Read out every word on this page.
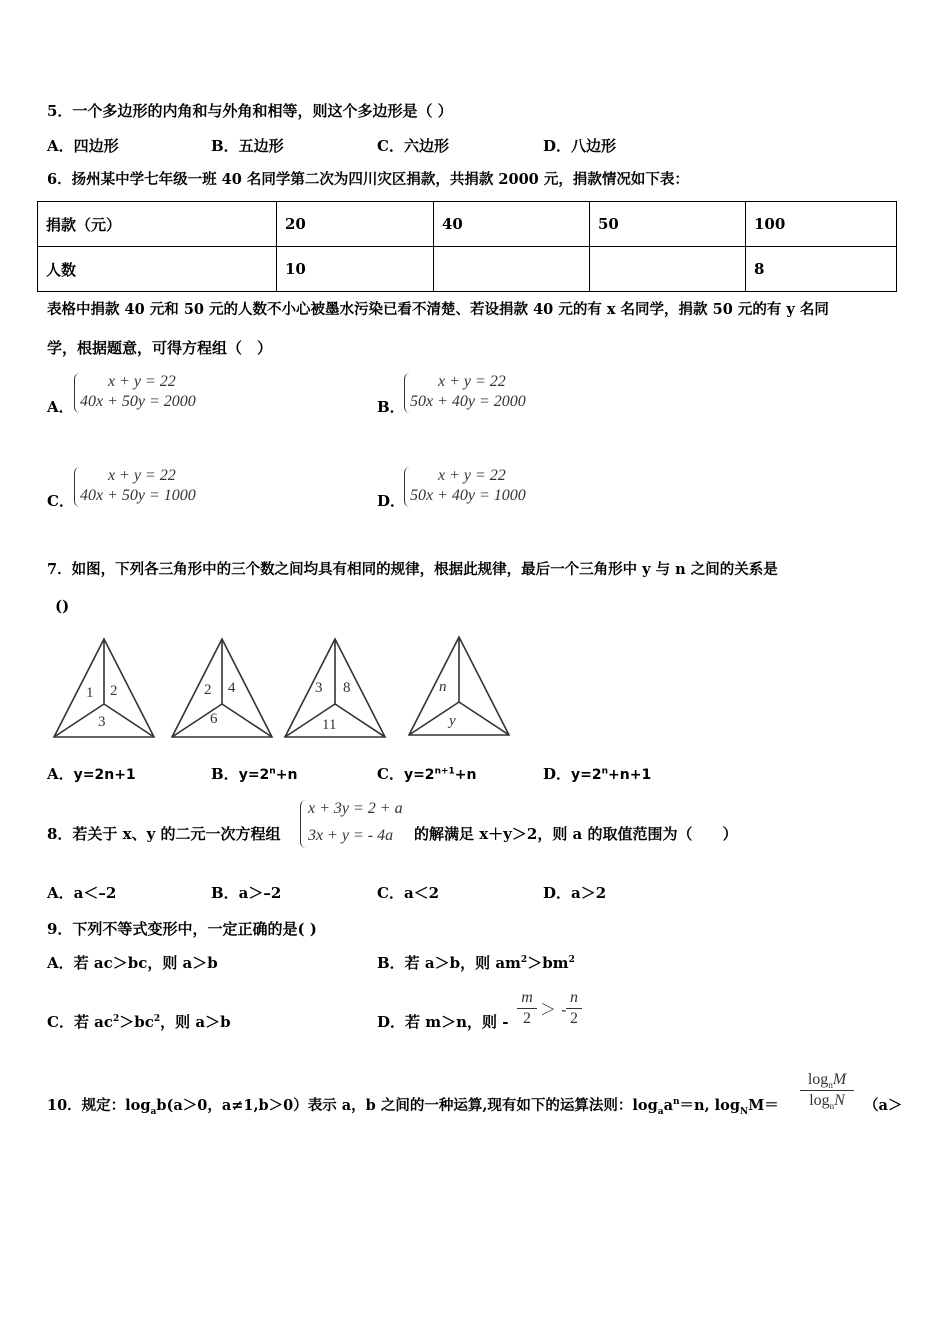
5．一个多边形的内角和与外角和相等，则这个多边形是（ ）
A．四边形	B．五边形	C．六边形	D．八边形
6．扬州某中学七年级一班 40 名同学第二次为四川灾区捐款，共捐款 2000 元，捐款情况如下表：
捐款（元）	20	40	50	100
人数	10			8
表格中捐款 40 元和 50 元的人数不小心被墨水污染已看不清楚、若设捐款 40 元的有 x 名同学，捐款 50 元的有 y 名同
学，根据题意，可得方程组（　）
A．
x + y = 22
40x + 50y = 2000	B．
x + y = 22
50x + 40y = 2000
C．
x + y = 22
40x + 50y = 1000	D．
x + y = 22
50x + 40y = 1000
7．如图，下列各三角形中的三个数之间均具有相同的规律，根据此规律，最后一个三角形中 y 与 n 之间的关系是
()
1 2
3
2 4
6
3 8
11
n
y
A．y=2n+1	B．$y=2^n+n$	C．$y=2^{n+1}+n$	D．$y=2^n+n+1$
8．若关于 x、y 的二元一次方程组
x + 3y = 2 + a
3x + y = - 4a 的解满足 x＋y＞2，则 a 的取值范围为（　　）
A．a＜–2	B．a＞–2	C．a＜2	D．a＞2
9．下列不等式变形中，一定正确的是( )
A．若 ac＞bc，则 a＞b	B．若 a＞b，则 $am^2>bm^2$
C．若 $ac^2>bc^2$，则 a＞b	D．若 m＞n，则 -
m
2 ＞ -
n
2
10．规定：$\log_ab(a>0$，a≠1,b＞0）表示 a，b 之间的一种运算,现有如下的运算法则：$\log_aa^n=n$, $\log_NM=$
$\log_nM$
$\log_nN$	（a＞
